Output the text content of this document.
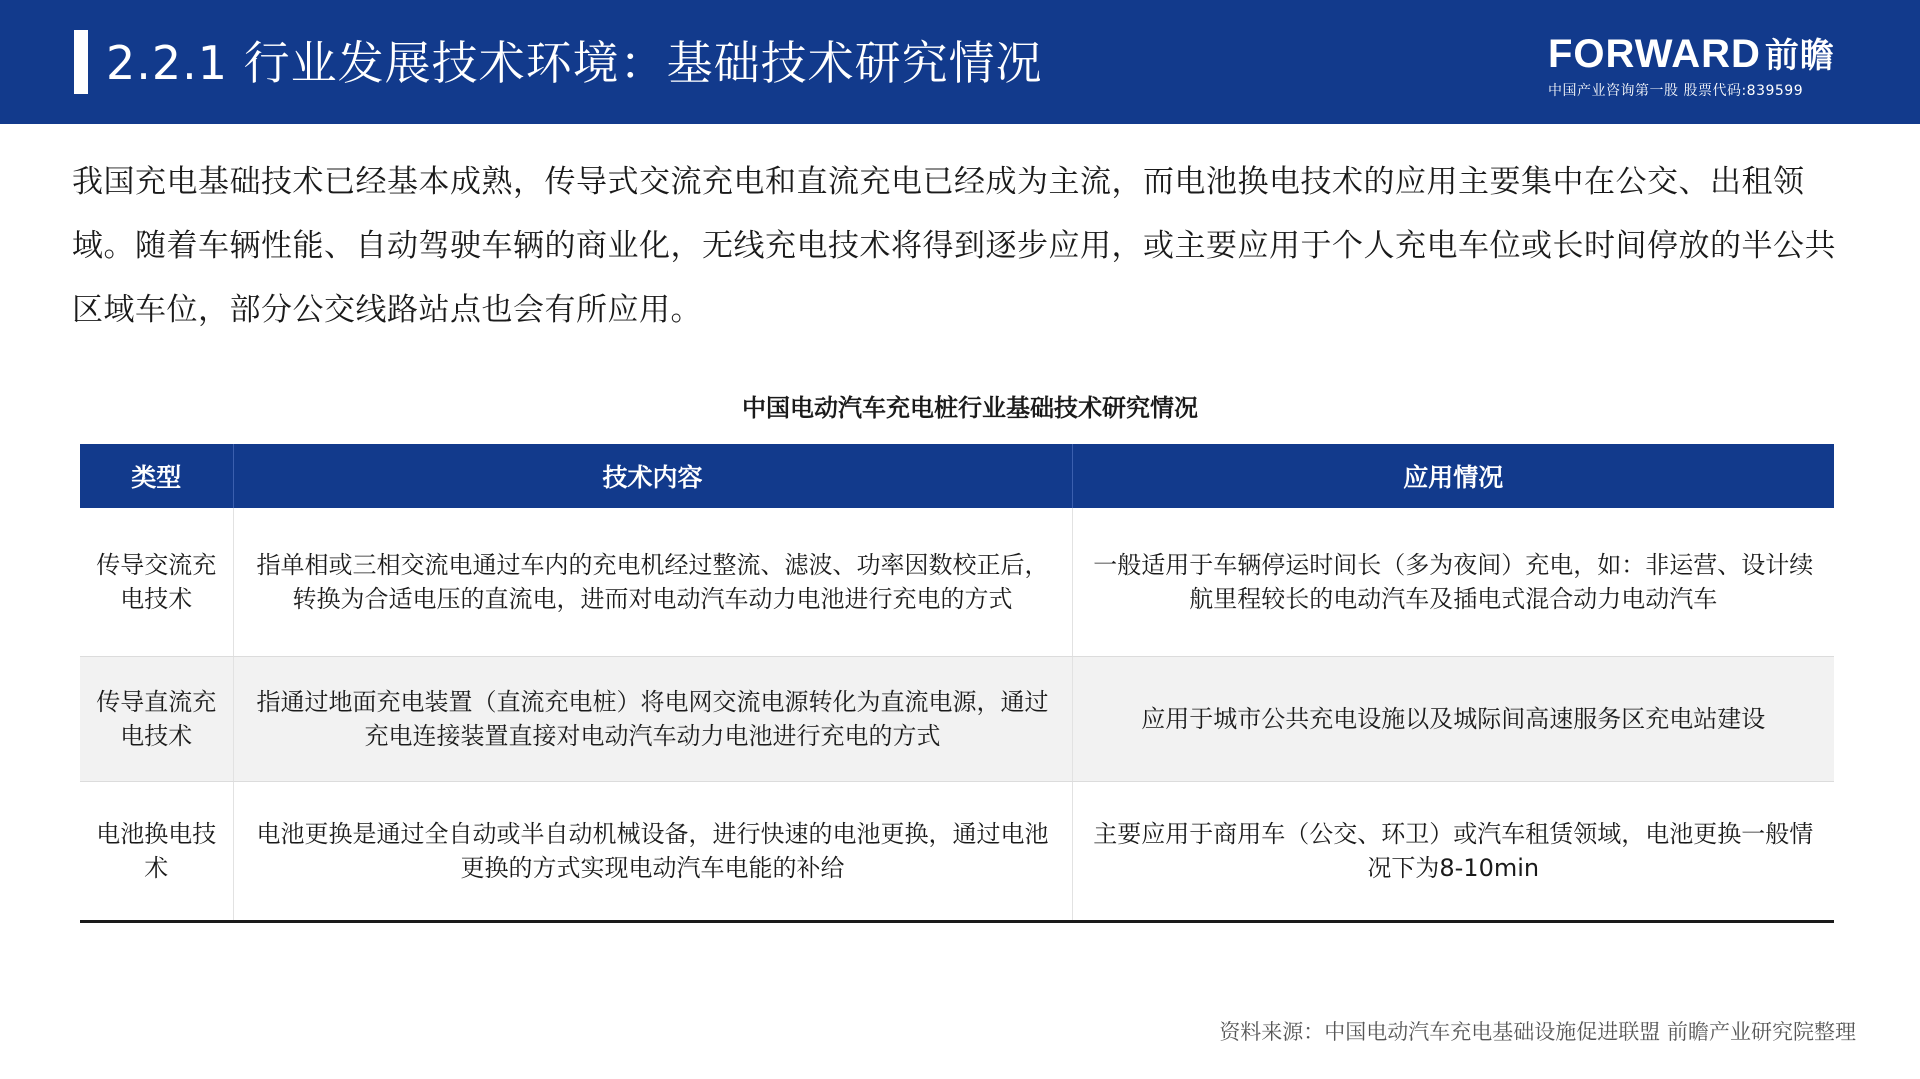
2.2.1 行业发展技术环境：基础技术研究情况	FORWARD 前瞻
中国产业咨询第一股 股票代码:839599
我国充电基础技术已经基本成熟，传导式交流充电和直流充电已经成为主流，而电池换电技术的应用主要集中在公交、出租领域。随着车辆性能、自动驾驶车辆的商业化，无线充电技术将得到逐步应用，或主要应用于个人充电车位或长时间停放的半公共区域车位，部分公交线路站点也会有所应用。
中国电动汽车充电桩行业基础技术研究情况
类型	技术内容	应用情况
传导交流充电技术	指单相或三相交流电通过车内的充电机经过整流、滤波、功率因数校正后，转换为合适电压的直流电，进而对电动汽车动力电池进行充电的方式	一般适用于车辆停运时间长（多为夜间）充电，如：非运营、设计续航里程较长的电动汽车及插电式混合动力电动汽车
传导直流充电技术	指通过地面充电装置（直流充电桩）将电网交流电源转化为直流电源，通过充电连接装置直接对电动汽车动力电池进行充电的方式	应用于城市公共充电设施以及城际间高速服务区充电站建设
电池换电技术	电池更换是通过全自动或半自动机械设备，进行快速的电池更换，通过电池更换的方式实现电动汽车电能的补给	主要应用于商用车（公交、环卫）或汽车租赁领域，电池更换一般情况下为8-10min
资料来源：中国电动汽车充电基础设施促进联盟 前瞻产业研究院整理
